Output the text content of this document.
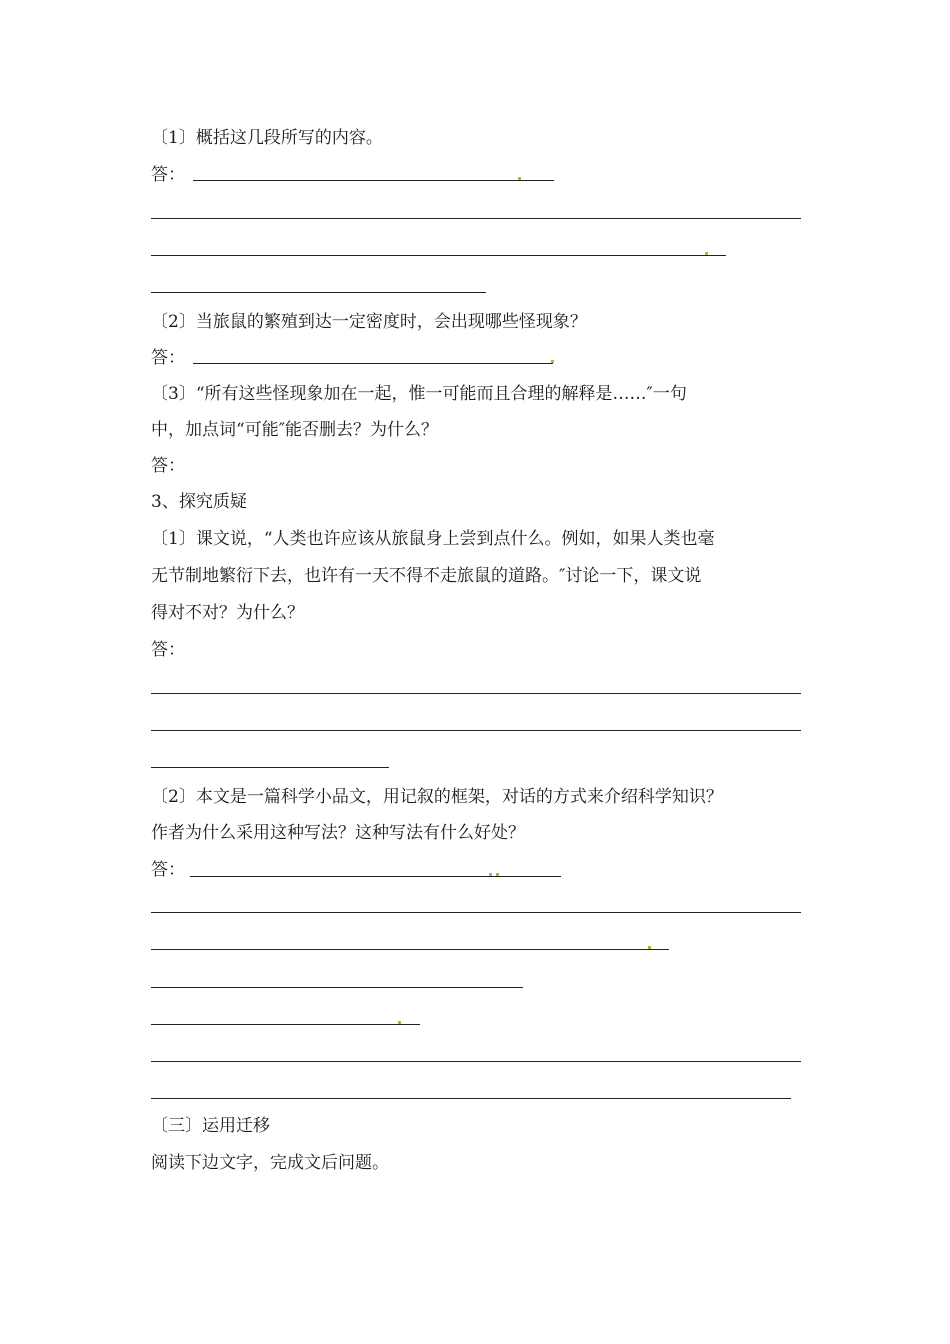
〔1〕概括这几段所写的内容。
答：
〔2〕当旅鼠的繁殖到达一定密度时，会出现哪些怪现象？
答：
〔3〕“所有这些怪现象加在一起，惟一可能而且合理的解释是……″一句
中，加点词“可能″能否删去？为什么？
答：
3、探究质疑
〔1〕课文说，“人类也许应该从旅鼠身上尝到点什么。例如，如果人类也毫
无节制地繁衍下去，也许有一天不得不走旅鼠的道路。″讨论一下，课文说
得对不对？为什么？
答：
〔2〕本文是一篇科学小品文，用记叙的框架，对话的方式来介绍科学知识？
作者为什么采用这种写法？这种写法有什么好处？
答：
〔三〕运用迁移
阅读下边文字，完成文后问题。
